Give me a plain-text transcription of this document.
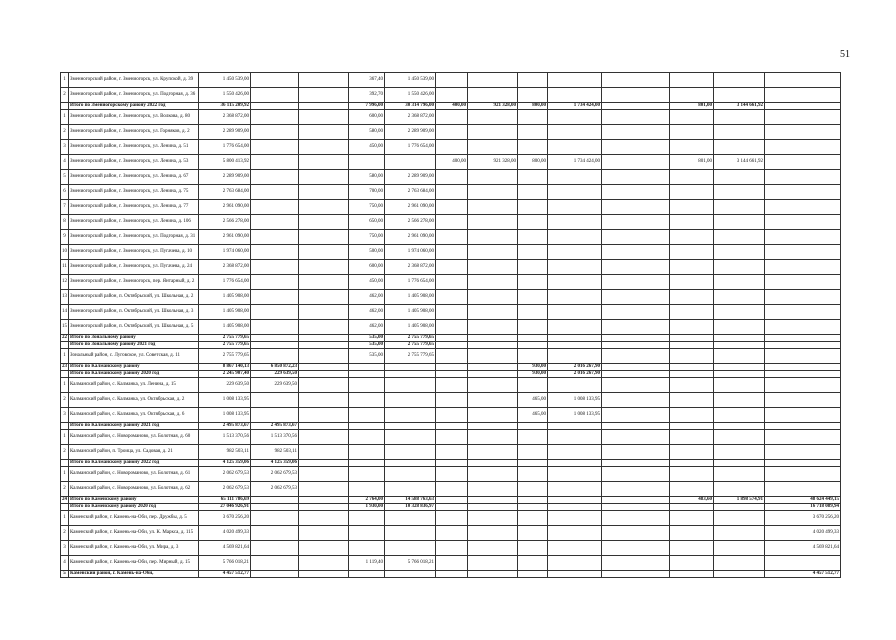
51
1	Зменногорский район, г. Змениогорск, ул. Крупской, д. 39	1 450 539,00			367,40	1 450 539,00								
2	Змениогорский район, г. Змениогорск, ул. Подгорная, д. 36	1 550 426,00			392,70	1 550 426,00								
	Итого по Змениогорскому району 2022 год	36 115 209,92			7 996,00	30 314 796,00	400,00	921 328,00	800,00	1 734 424,00		801,00	3 144 661,92	
1	Змениогорский район, г. Змениогорск, ул. Волкова, д. 80	2 368 872,00			600,00	2 368 872,00								
2	Змениогорский район, г. Змениогорск, ул. Горняков, д. 2	2 289 909,00			580,00	2 289 909,00								
3	Змениогорский район, г. Змениогорск, ул. Ленина, д. 51	1 776 654,00			450,00	1 776 654,00								
4	Змениогорский район, г. Змениогорск, ул. Ленина, д. 53	5 800 413,92					400,00	921 328,00	800,00	1 734 424,00		801,00	3 144 661,92	
5	Змениогорский район, г. Змениогорск, ул. Ленина, д. 67	2 289 909,00			580,00	2 289 909,00								
6	Змениогорский район, г. Змениогорск, ул. Ленина, д. 75	2 763 684,00			700,00	2 763 684,00								
7	Змениогорский район, г. Змениогорск, ул. Ленина, д. 77	2 961 090,00			750,00	2 961 090,00								
8	Змениогорский район, г. Змениогорск, ул. Ленина, д. 106	2 566 278,00			650,00	2 566 278,00								
9	Змениогорский район, г. Змениогорск, ул. Подгорная, д. 31	2 961 090,00			750,00	2 961 090,00								
10	Змениогорский район, г. Змениогорск, ул. Пугачева, д. 10	1 974 060,00			500,00	1 974 060,00								
11	Змениогорский район, г. Змениогорск, ул. Пугачева, д. 24	2 368 872,00			600,00	2 368 872,00								
12	Змениогорский район, г. Змениогорск, пер. Янтарный, д. 2	1 776 654,00			450,00	1 776 654,00								
13	Змениогорский район, п. Октябрьский, ул. Школьная, д. 2	1 405 908,00			462,00	1 405 908,00								
14	Змениогорский район, п. Октябрьский, ул. Школьная, д. 3	1 405 908,00			462,00	1 405 908,00								
15	Змениогорский район, п. Октябрьский, ул. Школьная, д. 5	1 405 908,00			462,00	1 405 908,00								
22	Итого по Зональному району	2 755 779,65			535,00	2 755 779,65								
	Итого по Зональному району 2021 год	2 755 779,65			535,00	2 755 779,65								
1	Зональный район, с. Луговское, ул. Советская, д. 11	2 755 779,65			535,00	2 755 779,65								
23	Итого по Калманскому району	8 867 140,13	6 850 872,23						930,00	2 016 267,90				
	Итого по Калманскому району 2020 год	2 245 907,40	229 639,50						930,00	2 016 267,90				
1	Калманский район, с. Калманка, ул. Ленина, д. 15	229 639,50	229 639,50											
2	Калманский район, с. Калманка, ул. Октябрьская, д. 2	1 008 133,95							465,00	1 008 133,95				
3	Калманский район, с. Калманка, ул. Октябрьская, д. 6	1 008 133,95							465,00	1 008 133,95				
	Итого по Калманскому району 2021 год	2 495 873,67	2 495 873,67											
1	Калманский район, с. Новороманово, ул. Болотная, д. 60	1 513 370,56	1 513 370,56											
2	Калманский район, п. Троица, ул. Садовая, д. 21	982 503,11	982 503,11											
	Итого по Калманскому району 2022 год	4 125 359,06	4 125 359,06											
1	Калманский район, с. Новороманово, ул. Болотная, д. 61	2 062 679,53	2 062 679,53											
2	Калманский район, с. Новороманово, ул. Болотная, д. 62	2 062 679,53	2 062 679,53											
24	Итого по Каменскому району	65 111 786,69			2 764,00	14 588 763,63						483,60	1 898 574,91	48 624 449,15
	Итого по Каменскому району 2020 год	27 046 926,91			1 930,00	10 328 836,97								16 718 089,94
1	Каменский район, г. Камень-на-Оби, пер. Дружбы, д. 5	3 670 256,20												3 670 256,20
2	Каменский район, г. Камень-на-Оби, ул. К. Маркса, д. 115	4 020 499,33												4 020 499,33
3	Каменский район, г. Камень-на-Оби, ул. Мира, д. 3	4 569 821,64												4 569 821,64
4	Каменский район, г. Камень-на-Оби, пер. Мирный, д. 15	5 766 018,21			1 119,40	5 766 018,21								
5	Каменский район, г. Камень-на-Оби,	4 457 512,77												4 457 512,77
